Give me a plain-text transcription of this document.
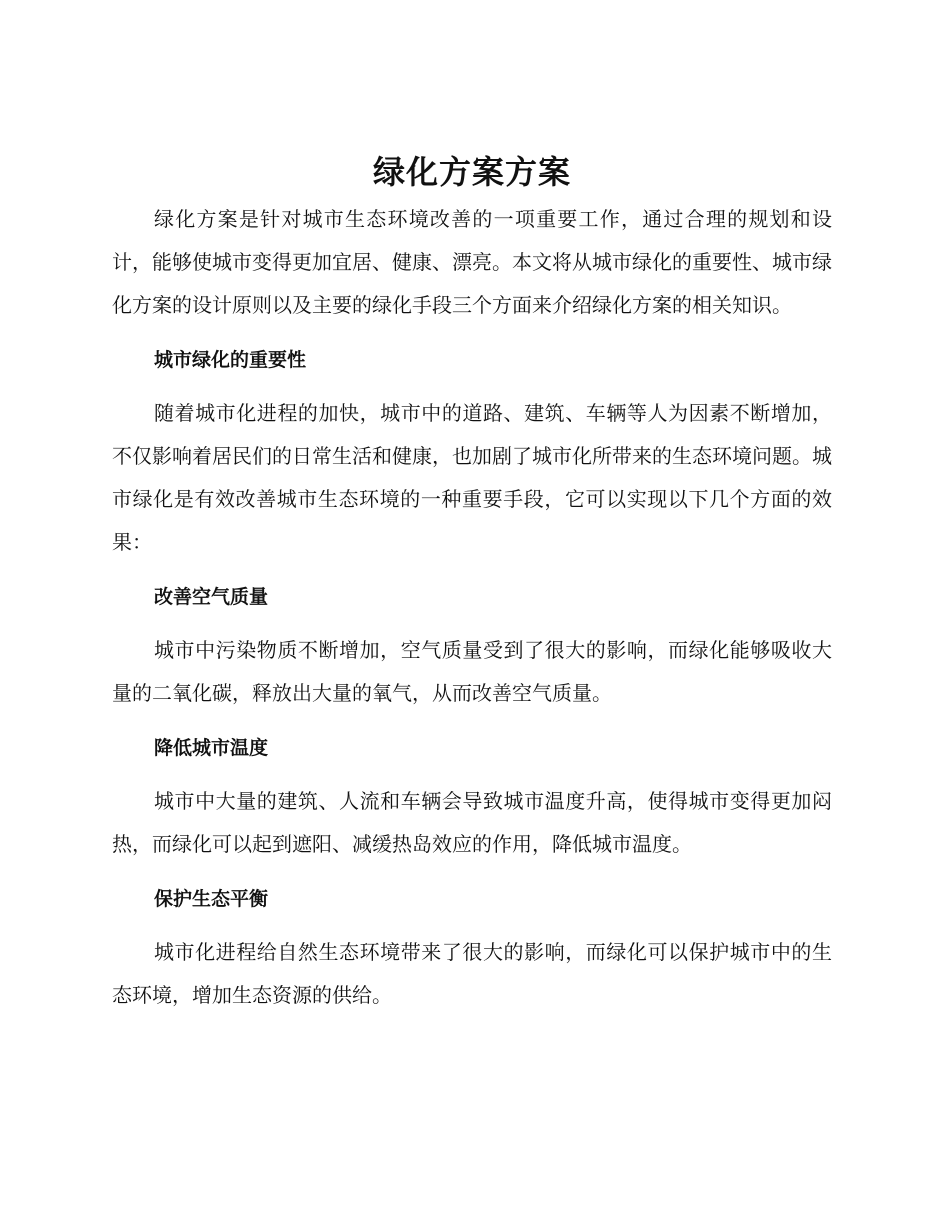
绿化方案方案

绿化方案是针对城市生态环境改善的一项重要工作，通过合理的规划和设计，能够使城市变得更加宜居、健康、漂亮。本文将从城市绿化的重要性、城市绿化方案的设计原则以及主要的绿化手段三个方面来介绍绿化方案的相关知识。

城市绿化的重要性

随着城市化进程的加快，城市中的道路、建筑、车辆等人为因素不断增加，不仅影响着居民们的日常生活和健康，也加剧了城市化所带来的生态环境问题。城市绿化是有效改善城市生态环境的一种重要手段，它可以实现以下几个方面的效果：

改善空气质量

城市中污染物质不断增加，空气质量受到了很大的影响，而绿化能够吸收大量的二氧化碳，释放出大量的氧气，从而改善空气质量。

降低城市温度

城市中大量的建筑、人流和车辆会导致城市温度升高，使得城市变得更加闷热，而绿化可以起到遮阳、减缓热岛效应的作用，降低城市温度。

保护生态平衡

城市化进程给自然生态环境带来了很大的影响，而绿化可以保护城市中的生态环境，增加生态资源的供给。
